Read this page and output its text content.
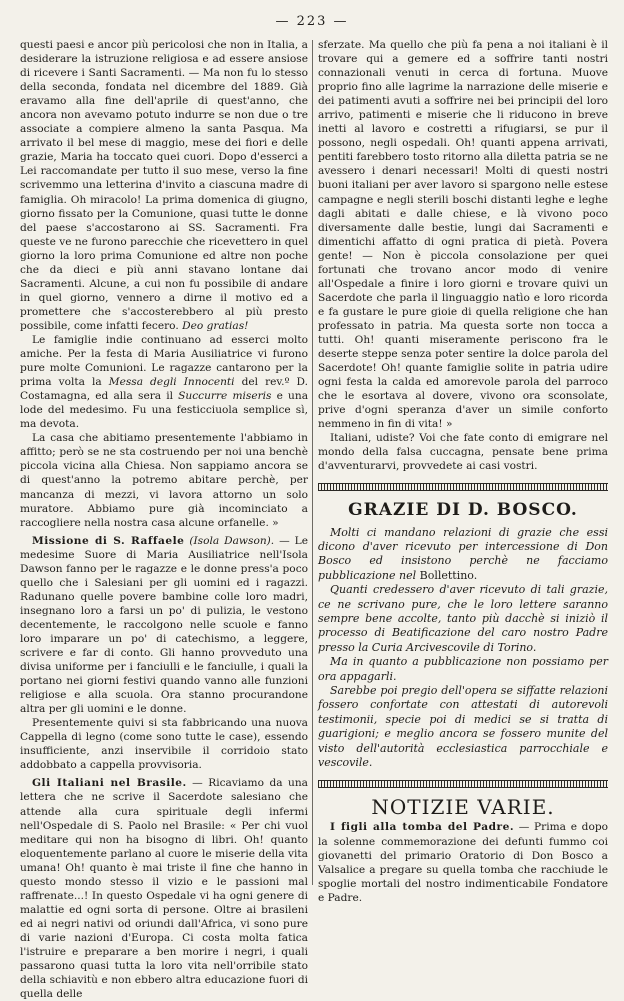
— 223 —

questi paesi e ancor più pericolosi che non in Italia, a desiderare la istruzione religiosa e ad essere ansiose di ricevere i Santi Sacramenti. — Ma non fu lo stesso della seconda, fondata nel dicembre del 1889. Già eravamo alla fine dell'aprile di quest'anno, che ancora non avevamo potuto indurre se non due o tre associate a compiere almeno la santa Pasqua. Ma arrivato il bel mese di maggio, mese dei fiori e delle grazie, Maria ha toccato quei cuori. Dopo d'esserci a Lei raccomandate per tutto il suo mese, verso la fine scrivemmo una letterina d'invito a ciascuna madre di famiglia. Oh miracolo! La prima domenica di giugno, giorno fissato per la Comunione, quasi tutte le donne del paese s'accostarono ai SS. Sacramenti. Fra queste ve ne furono parecchie che ricevettero in quel giorno la loro prima Comunione ed altre non poche che da dieci e più anni stavano lontane dai Sacramenti. Alcune, a cui non fu possibile di andare in quel giorno, vennero a dirne il motivo ed a promettere che s'accosterebbero al più presto possibile, come infatti fecero. Deo gratias!

Le famiglie indie continuano ad esserci molto amiche. Per la festa di Maria Ausiliatrice vi furono pure molte Comunioni. Le ragazze cantarono per la prima volta la Messa degli Innocenti del rev.º D. Costamagna, ed alla sera il Succurre miseris e una lode del medesimo. Fu una festicciuola semplice sì, ma devota.

La casa che abitiamo presentemente l'abbiamo in affitto; però se ne sta costruendo per noi una benchè piccola vicina alla Chiesa. Non sappiamo ancora se di quest'anno la potremo abitare perchè, per mancanza di mezzi, vi lavora attorno un solo muratore. Abbiamo pure già incominciato a raccogliere nella nostra casa alcune orfanelle. »

Missione di S. Raffaele (Isola Dawson). — Le medesime Suore di Maria Ausiliatrice nell'Isola Dawson fanno per le ragazze e le donne press'a poco quello che i Salesiani per gli uomini ed i ragazzi. Radunano quelle povere bambine colle loro madri, insegnano loro a farsi un po' di pulizia, le vestono decentemente, le raccolgono nelle scuole e fanno loro imparare un po' di catechismo, a leggere, scrivere e far di conto. Gli hanno provveduto una divisa uniforme per i fanciulli e le fanciulle, i quali la portano nei giorni festivi quando vanno alle funzioni religiose e alla scuola. Ora stanno procurandone altra per gli uomini e le donne.

Presentemente quivi si sta fabbricando una nuova Cappella di legno (come sono tutte le case), essendo insufficiente, anzi inservibile il corridoio stato addobbato a cappella provvisoria.

Gli Italiani nel Brasile. — Ricaviamo da una lettera che ne scrive il Sacerdote salesiano che attende alla cura spirituale degli infermi nell'Ospedale di S. Paolo nel Brasile: « Per chi vuol meditare qui non ha bisogno di libri. Oh! quanto eloquentemente parlano al cuore le miserie della vita umana! Oh! quanto è mai triste il fine che hanno in questo mondo stesso il vizio e le passioni mal raffrenate...! In questo Ospedale vi ha ogni genere di malattie ed ogni sorta di persone. Oltre ai brasileni ed ai negri nativi od oriundi dall'Africa, vi sono pure di varie nazioni d'Europa. Ci costa molta fatica l'istruire e preparare a ben morire i negri, i quali passarono quasi tutta la loro vita nell'orribile stato della schiavitù e non ebbero altra educazione fuori di quella delle

sferzate. Ma quello che più fa pena a noi italiani è il trovare qui a gemere ed a soffrire tanti nostri connazionali venuti in cerca di fortuna. Muove proprio fino alle lagrime la narrazione delle miserie e dei patimenti avuti a soffrire nei bei principii del loro arrivo, patimenti e miserie che li riducono in breve inetti al lavoro e costretti a rifugiarsi, se pur il possono, negli ospedali. Oh! quanti appena arrivati, pentiti farebbero tosto ritorno alla diletta patria se ne avessero i denari necessari! Molti di questi nostri buoni italiani per aver lavoro si spargono nelle estese campagne e negli sterili boschi distanti leghe e leghe dagli abitati e dalle chiese, e là vivono poco diversamente dalle bestie, lungi dai Sacramenti e dimentichi affatto di ogni pratica di pietà. Povera gente! — Non è piccola consolazione per quei fortunati che trovano ancor modo di venire all'Ospedale a finire i loro giorni e trovare quivi un Sacerdote che parla il linguaggio natìo e loro ricorda e fa gustare le pure gioie di quella religione che han professato in patria. Ma questa sorte non tocca a tutti. Oh! quanti miseramente periscono fra le deserte steppe senza poter sentire la dolce parola del Sacerdote! Oh! quante famiglie solite in patria udire ogni festa la calda ed amorevole parola del parroco che le esortava al dovere, vivono ora sconsolate, prive d'ogni speranza d'aver un simile conforto nemmeno in fin di vita! »

Italiani, udiste? Voi che fate conto di emigrare nel mondo della falsa cuccagna, pensate bene prima d'avventurarvi, provvedete ai casi vostri.

GRAZIE DI D. BOSCO.

Molti ci mandano relazioni di grazie che essi dicono d'aver ricevuto per intercessione di Don Bosco ed insistono perchè ne facciamo pubblicazione nel Bollettino.

Quanti credessero d'aver ricevuto di tali grazie, ce ne scrivano pure, che le loro lettere saranno sempre bene accolte, tanto più dacchè si iniziò il processo di Beatificazione del caro nostro Padre presso la Curia Arcivescovile di Torino.

Ma in quanto a pubblicazione non possiamo per ora appagarli.

Sarebbe poi pregio dell'opera se siffatte relazioni fossero confortate con attestati di autorevoli testimonii, specie poi di medici se si tratta di guarigioni; e meglio ancora se fossero munite del visto dell'autorità ecclesiastica parrocchiale e vescovile.

NOTIZIE VARIE.

I figli alla tomba del Padre. — Prima e dopo la solenne commemorazione dei defunti fummo coi giovanetti del primario Oratorio di Don Bosco a Valsalice a pregare su quella tomba che racchiude le spoglie mortali del nostro indimenticabile Fondatore e Padre.
